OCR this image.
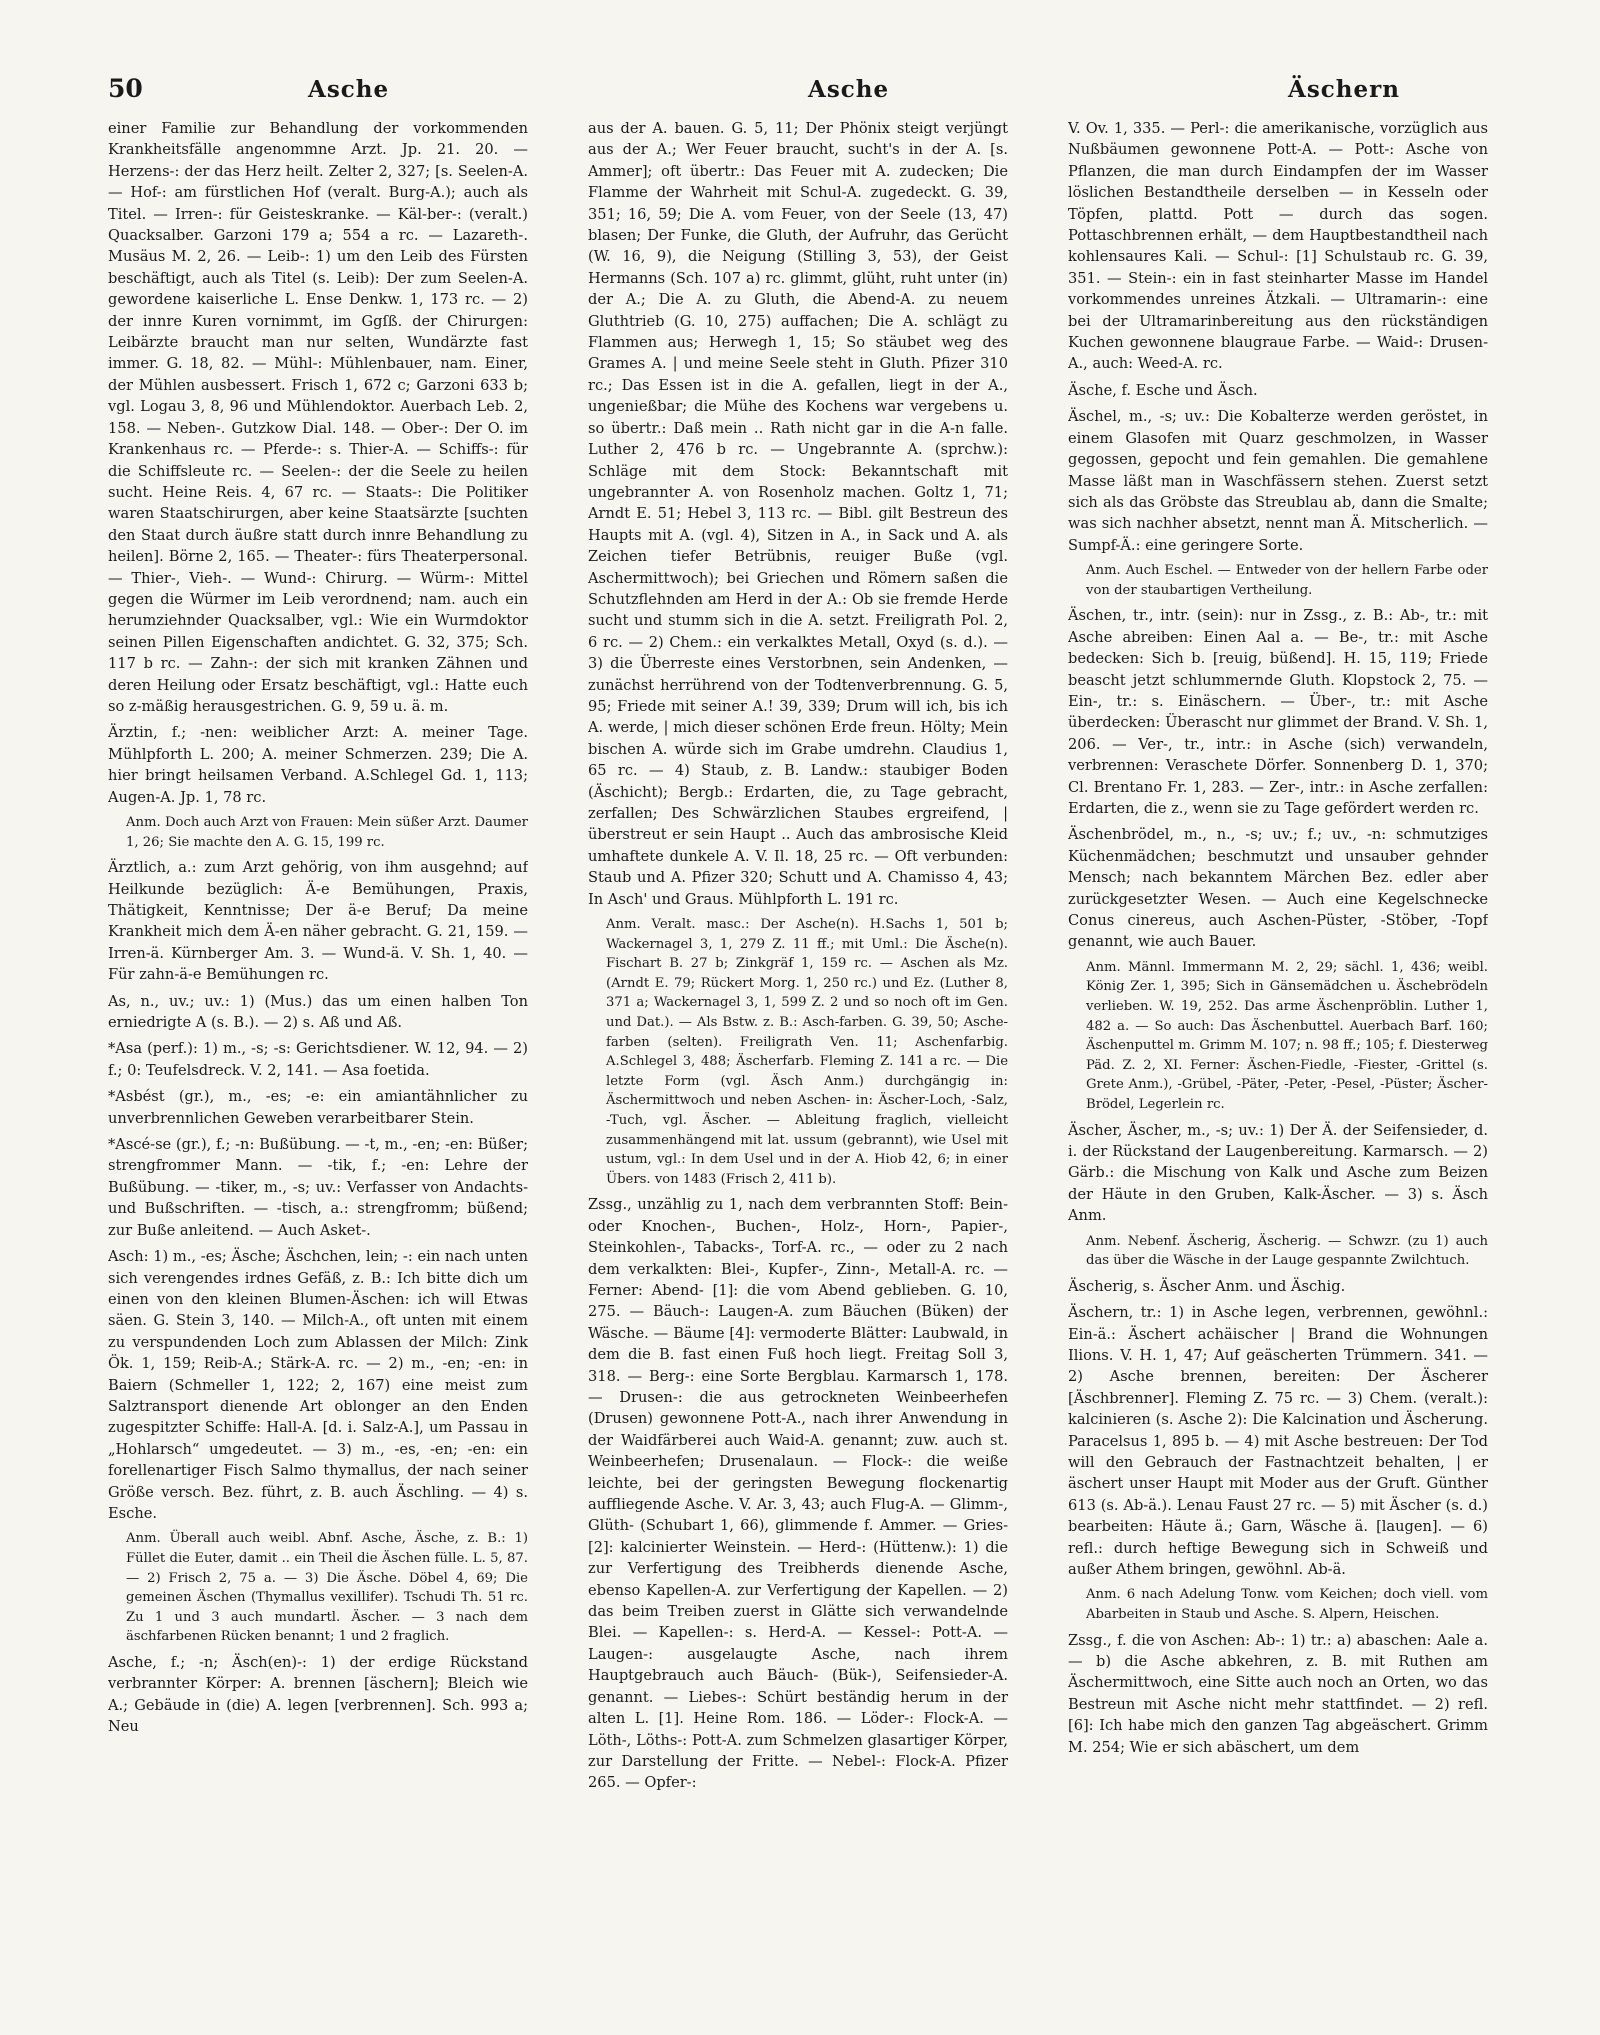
50	Asche	Asche	Äschern

einer Familie zur Behandlung der vorkommenden Krankheitsfälle angenommne Arzt. Jp. 21. 20. — Herzens-: der das Herz heilt. Zelter 2, 327; [s. Seelen-A. — Hof-: am fürstlichen Hof (veralt. Burg-A.); auch als Titel. — Irren-: für Geisteskranke. — Käl-ber-: (veralt.) Quacksalber. Garzoni 179 a; 554 a rc. — Lazareth-. Musäus M. 2, 26. — Leib-: 1) um den Leib des Fürsten beschäftigt, auch als Titel (s. Leib): Der zum Seelen-A. gewordene kaiserliche L. Ense Denkw. 1, 173 rc. — 2) der innre Kuren vornimmt, im Ggſß. der Chirurgen: Leibärzte braucht man nur selten, Wundärzte fast immer. G. 18, 82. — Mühl-: Mühlenbauer, nam. Einer, der Mühlen ausbessert. Frisch 1, 672 c; Garzoni 633 b; vgl. Logau 3, 8, 96 und Mühlendoktor. Auerbach Leb. 2, 158. — Neben-. Gutzkow Dial. 148. — Ober-: Der O. im Krankenhaus rc. — Pferde-: s. Thier-A. — Schiffs-: für die Schiffsleute rc. — Seelen-: der die Seele zu heilen sucht. Heine Reis. 4, 67 rc. — Staats-: Die Politiker waren Staatschirurgen, aber keine Staatsärzte [suchten den Staat durch äußre statt durch innre Behandlung zu heilen]. Börne 2, 165. — Theater-: fürs Theaterpersonal. — Thier-, Vieh-. — Wund-: Chirurg. — Würm-: Mittel gegen die Würmer im Leib verordnend; nam. auch ein herumziehnder Quacksalber, vgl.: Wie ein Wurmdoktor seinen Pillen Eigenschaften andichtet. G. 32, 375; Sch. 117 b rc. — Zahn-: der sich mit kranken Zähnen und deren Heilung oder Ersatz beschäftigt, vgl.: Hatte euch so z-mäßig herausgestrichen. G. 9, 59 u. ä. m.

Ärztin, f.; -nen: weiblicher Arzt: A. meiner Tage. Mühlpforth L. 200; A. meiner Schmerzen. 239; Die A. hier bringt heilsamen Verband. A.Schlegel Gd. 1, 113; Augen-A. Jp. 1, 78 rc.

Anm. Doch auch Arzt von Frauen: Mein süßer Arzt. Daumer 1, 26; Sie machte den A. G. 15, 199 rc.

Ärztlich, a.: zum Arzt gehörig, von ihm ausgehnd; auf Heilkunde bezüglich: Ä-e Bemühungen, Praxis, Thätigkeit, Kenntnisse; Der ä-e Beruf; Da meine Krankheit mich dem Ä-en näher gebracht. G. 21, 159. — Irren-ä. Kürnberger Am. 3. — Wund-ä. V. Sh. 1, 40. — Für zahn-ä-e Bemühungen rc.

As, n., uv.; uv.: 1) (Mus.) das um einen halben Ton erniedrigte A (s. B.). — 2) s. Aß und Aß.

*Asa (perf.): 1) m., -s; -s: Gerichtsdiener. W. 12, 94. — 2) f.; 0: Teufelsdreck. V. 2, 141. — Asa foetida.

*Asbést (gr.), m., -es; -e: ein amiantähnlicher zu unverbrennlichen Geweben verarbeitbarer Stein.

*Ascé-se (gr.), f.; -n: Bußübung. — -t, m., -en; -en: Büßer; strengfrommer Mann. — -tik, f.; -en: Lehre der Bußübung. — -tiker, m., -s; uv.: Verfasser von Andachts- und Bußschriften. — -tisch, a.: strengfromm; büßend; zur Buße anleitend. — Auch Asket-.

Asch: 1) m., -es; Äsche; Äschchen, lein; -: ein nach unten sich verengendes irdnes Gefäß, z. B.: Ich bitte dich um einen von den kleinen Blumen-Äschen: ich will Etwas säen. G. Stein 3, 140. — Milch-A., oft unten mit einem zu verspundenden Loch zum Ablassen der Milch: Zink Ök. 1, 159; Reib-A.; Stärk-A. rc. — 2) m., -en; -en: in Baiern (Schmeller 1, 122; 2, 167) eine meist zum Salztransport dienende Art oblonger an den Enden zugespitzter Schiffe: Hall-A. [d. i. Salz-A.], um Passau in „Hohlarsch“ umgedeutet. — 3) m., -es, -en; -en: ein forellenartiger Fisch Salmo thymallus, der nach seiner Größe versch. Bez. führt, z. B. auch Äschling. — 4) s. Esche.

Anm. Überall auch weibl. Abnf. Asche, Äsche, z. B.: 1) Füllet die Euter, damit .. ein Theil die Äschen fülle. L. 5, 87. — 2) Frisch 2, 75 a. — 3) Die Äsche. Döbel 4, 69; Die gemeinen Äschen (Thymallus vexillifer). Tschudi Th. 51 rc. Zu 1 und 3 auch mundartl. Äscher. — 3 nach dem äschfarbenen Rücken benannt; 1 und 2 fraglich.

Asche, f.; -n; Äsch(en)-: 1) der erdige Rückstand verbrannter Körper: A. brennen [äschern]; Bleich wie A.; Gebäude in (die) A. legen [verbrennen]. Sch. 993 a; Neu

aus der A. bauen. G. 5, 11; Der Phönix steigt verjüngt aus der A.; Wer Feuer braucht, sucht's in der A. [s. Ammer]; oft übertr.: Das Feuer mit A. zudecken; Die Flamme der Wahrheit mit Schul-A. zugedeckt. G. 39, 351; 16, 59; Die A. vom Feuer, von der Seele (13, 47) blasen; Der Funke, die Gluth, der Aufruhr, das Gerücht (W. 16, 9), die Neigung (Stilling 3, 53), der Geist Hermanns (Sch. 107 a) rc. glimmt, glüht, ruht unter (in) der A.; Die A. zu Gluth, die Abend-A. zu neuem Gluthtrieb (G. 10, 275) auffachen; Die A. schlägt zu Flammen aus; Herwegh 1, 15; So stäubet weg des Grames A. | und meine Seele steht in Gluth. Pfizer 310 rc.; Das Essen ist in die A. gefallen, liegt in der A., ungenießbar; die Mühe des Kochens war vergebens u. so übertr.: Daß mein .. Rath nicht gar in die A-n falle. Luther 2, 476 b rc. — Ungebrannte A. (sprchw.): Schläge mit dem Stock: Bekanntschaft mit ungebrannter A. von Rosenholz machen. Goltz 1, 71; Arndt E. 51; Hebel 3, 113 rc. — Bibl. gilt Bestreun des Haupts mit A. (vgl. 4), Sitzen in A., in Sack und A. als Zeichen tiefer Betrübnis, reuiger Buße (vgl. Aschermittwoch); bei Griechen und Römern saßen die Schutzflehnden am Herd in der A.: Ob sie fremde Herde sucht und stumm sich in die A. setzt. Freiligrath Pol. 2, 6 rc. — 2) Chem.: ein verkalktes Metall, Oxyd (s. d.). — 3) die Überreste eines Verstorbnen, sein Andenken, — zunächst herrührend von der Todtenverbrennung. G. 5, 95; Friede mit seiner A.! 39, 339; Drum will ich, bis ich A. werde, | mich dieser schönen Erde freun. Hölty; Mein bischen A. würde sich im Grabe umdrehn. Claudius 1, 65 rc. — 4) Staub, z. B. Landw.: staubiger Boden (Äschicht); Bergb.: Erdarten, die, zu Tage gebracht, zerfallen; Des Schwärzlichen Staubes ergreifend, | überstreut er sein Haupt .. Auch das ambrosische Kleid umhaftete dunkele A. V. Il. 18, 25 rc. — Oft verbunden: Staub und A. Pfizer 320; Schutt und A. Chamisso 4, 43; In Asch' und Graus. Mühlpforth L. 191 rc.

Anm. Veralt. masc.: Der Asche(n). H.Sachs 1, 501 b; Wackernagel 3, 1, 279 Z. 11 ff.; mit Uml.: Die Äsche(n). Fischart B. 27 b; Zinkgräf 1, 159 rc. — Aschen als Mz. (Arndt E. 79; Rückert Morg. 1, 250 rc.) und Ez. (Luther 8, 371 a; Wackernagel 3, 1, 599 Z. 2 und so noch oft im Gen. und Dat.). — Als Bstw. z. B.: Asch-farben. G. 39, 50; Asche-farben (selten). Freiligrath Ven. 11; Aschenfarbig. A.Schlegel 3, 488; Äscherfarb. Fleming Z. 141 a rc. — Die letzte Form (vgl. Äsch Anm.) durchgängig in: Äschermittwoch und neben Aschen- in: Äscher-Loch, -Salz, -Tuch, vgl. Äscher. — Ableitung fraglich, vielleicht zusammenhängend mit lat. ussum (gebrannt), wie Usel mit ustum, vgl.: In dem Usel und in der A. Hiob 42, 6; in einer Übers. von 1483 (Frisch 2, 411 b).

Zssg., unzählig zu 1, nach dem verbrannten Stoff: Bein- oder Knochen-, Buchen-, Holz-, Horn-, Papier-, Steinkohlen-, Tabacks-, Torf-A. rc., — oder zu 2 nach dem verkalkten: Blei-, Kupfer-, Zinn-, Metall-A. rc. — Ferner: Abend- [1]: die vom Abend geblieben. G. 10, 275. — Bäuch-: Laugen-A. zum Bäuchen (Büken) der Wäsche. — Bäume [4]: vermoderte Blätter: Laubwald, in dem die B. fast einen Fuß hoch liegt. Freitag Soll 3, 318. — Berg-: eine Sorte Bergblau. Karmarsch 1, 178. — Drusen-: die aus getrockneten Weinbeerhefen (Drusen) gewonnene Pott-A., nach ihrer Anwendung in der Waidfärberei auch Waid-A. genannt; zuw. auch st. Weinbeerhefen; Drusenalaun. — Flock-: die weiße leichte, bei der geringsten Bewegung flockenartig auffliegende Asche. V. Ar. 3, 43; auch Flug-A. — Glimm-, Glüth- (Schubart 1, 66), glimmende f. Ammer. — Gries- [2]: kalcinierter Weinstein. — Herd-: (Hüttenw.): 1) die zur Verfertigung des Treibherds dienende Asche, ebenso Kapellen-A. zur Verfertigung der Kapellen. — 2) das beim Treiben zuerst in Glätte sich verwandelnde Blei. — Kapellen-: s. Herd-A. — Kessel-: Pott-A. — Laugen-: ausgelaugte Asche, nach ihrem Hauptgebrauch auch Bäuch- (Bük-), Seifensieder-A. genannt. — Liebes-: Schürt beständig herum in der alten L. [1]. Heine Rom. 186. — Löder-: Flock-A. — Löth-, Löths-: Pott-A. zum Schmelzen glasartiger Körper, zur Darstellung der Fritte. — Nebel-: Flock-A. Pfizer 265. — Opfer-:

V. Ov. 1, 335. — Perl-: die amerikanische, vorzüglich aus Nußbäumen gewonnene Pott-A. — Pott-: Asche von Pflanzen, die man durch Eindampfen der im Wasser löslichen Bestandtheile derselben — in Kesseln oder Töpfen, plattd. Pott — durch das sogen. Pottaschbrennen erhält, — dem Hauptbestandtheil nach kohlensaures Kali. — Schul-: [1] Schulstaub rc. G. 39, 351. — Stein-: ein in fast steinharter Masse im Handel vorkommendes unreines Ätzkali. — Ultramarin-: eine bei der Ultramarinbereitung aus den rückständigen Kuchen gewonnene blaugraue Farbe. — Waid-: Drusen-A., auch: Weed-A. rc.

Äsche, f. Esche und Äsch.

Äschel, m., -s; uv.: Die Kobalterze werden geröstet, in einem Glasofen mit Quarz geschmolzen, in Wasser gegossen, gepocht und fein gemahlen. Die gemahlene Masse läßt man in Waschfässern stehen. Zuerst setzt sich als das Gröbste das Streublau ab, dann die Smalte; was sich nachher absetzt, nennt man Ä. Mitscherlich. — Sumpf-Ä.: eine geringere Sorte.

Anm. Auch Eschel. — Entweder von der hellern Farbe oder von der staubartigen Vertheilung.

Äschen, tr., intr. (sein): nur in Zssg., z. B.: Ab-, tr.: mit Asche abreiben: Einen Aal a. — Be-, tr.: mit Asche bedecken: Sich b. [reuig, büßend]. H. 15, 119; Friede beascht jetzt schlummernde Gluth. Klopstock 2, 75. — Ein-, tr.: s. Einäschern. — Über-, tr.: mit Asche überdecken: Überascht nur glimmet der Brand. V. Sh. 1, 206. — Ver-, tr., intr.: in Asche (sich) verwandeln, verbrennen: Veraschete Dörfer. Sonnenberg D. 1, 370; Cl. Brentano Fr. 1, 283. — Zer-, intr.: in Asche zerfallen: Erdarten, die z., wenn sie zu Tage gefördert werden rc.

Äschenbrödel, m., n., -s; uv.; f.; uv., -n: schmutziges Küchenmädchen; beschmutzt und unsauber gehnder Mensch; nach bekanntem Märchen Bez. edler aber zurückgesetzter Wesen. — Auch eine Kegelschnecke Conus cinereus, auch Aschen-Püster, -Stöber, -Topf genannt, wie auch Bauer.

Anm. Männl. Immermann M. 2, 29; sächl. 1, 436; weibl. König Zer. 1, 395; Sich in Gänsemädchen u. Äschebrödeln verlieben. W. 19, 252. Das arme Äschenpröblin. Luther 1, 482 a. — So auch: Das Äschenbuttel. Auerbach Barf. 160; Äschenputtel m. Grimm M. 107; n. 98 ff.; 105; f. Diesterweg Päd. Z. 2, XI. Ferner: Äschen-Fiedle, -Fiester, -Grittel (s. Grete Anm.), -Grübel, -Päter, -Peter, -Pesel, -Püster; Äscher-Brödel, Legerlein rc.

Äscher, Äscher, m., -s; uv.: 1) Der Ä. der Seifensieder, d. i. der Rückstand der Laugenbereitung. Karmarsch. — 2) Gärb.: die Mischung von Kalk und Asche zum Beizen der Häute in den Gruben, Kalk-Äscher. — 3) s. Äsch Anm.

Anm. Nebenf. Äscherig, Äscherig. — Schwzr. (zu 1) auch das über die Wäsche in der Lauge gespannte Zwilchtuch.

Äscherig, s. Äscher Anm. und Äschig.

Äschern, tr.: 1) in Asche legen, verbrennen, gewöhnl.: Ein-ä.: Äschert achäischer | Brand die Wohnungen Ilions. V. H. 1, 47; Auf geäscherten Trümmern. 341. — 2) Asche brennen, bereiten: Der Äscherer [Äschbrenner]. Fleming Z. 75 rc. — 3) Chem. (veralt.): kalcinieren (s. Asche 2): Die Kalcination und Äscherung. Paracelsus 1, 895 b. — 4) mit Asche bestreuen: Der Tod will den Gebrauch der Fastnachtzeit behalten, | er äschert unser Haupt mit Moder aus der Gruft. Günther 613 (s. Ab-ä.). Lenau Faust 27 rc. — 5) mit Äscher (s. d.) bearbeiten: Häute ä.; Garn, Wäsche ä. [laugen]. — 6) refl.: durch heftige Bewegung sich in Schweiß und außer Athem bringen, gewöhnl. Ab-ä.

Anm. 6 nach Adelung Tonw. vom Keichen; doch viell. vom Abarbeiten in Staub und Asche. S. Alpern, Heischen.

Zssg., f. die von Aschen: Ab-: 1) tr.: a) abaschen: Aale a. — b) die Asche abkehren, z. B. mit Ruthen am Äschermittwoch, eine Sitte auch noch an Orten, wo das Bestreun mit Asche nicht mehr stattfindet. — 2) refl. [6]: Ich habe mich den ganzen Tag abgeäschert. Grimm M. 254; Wie er sich abäschert, um dem
